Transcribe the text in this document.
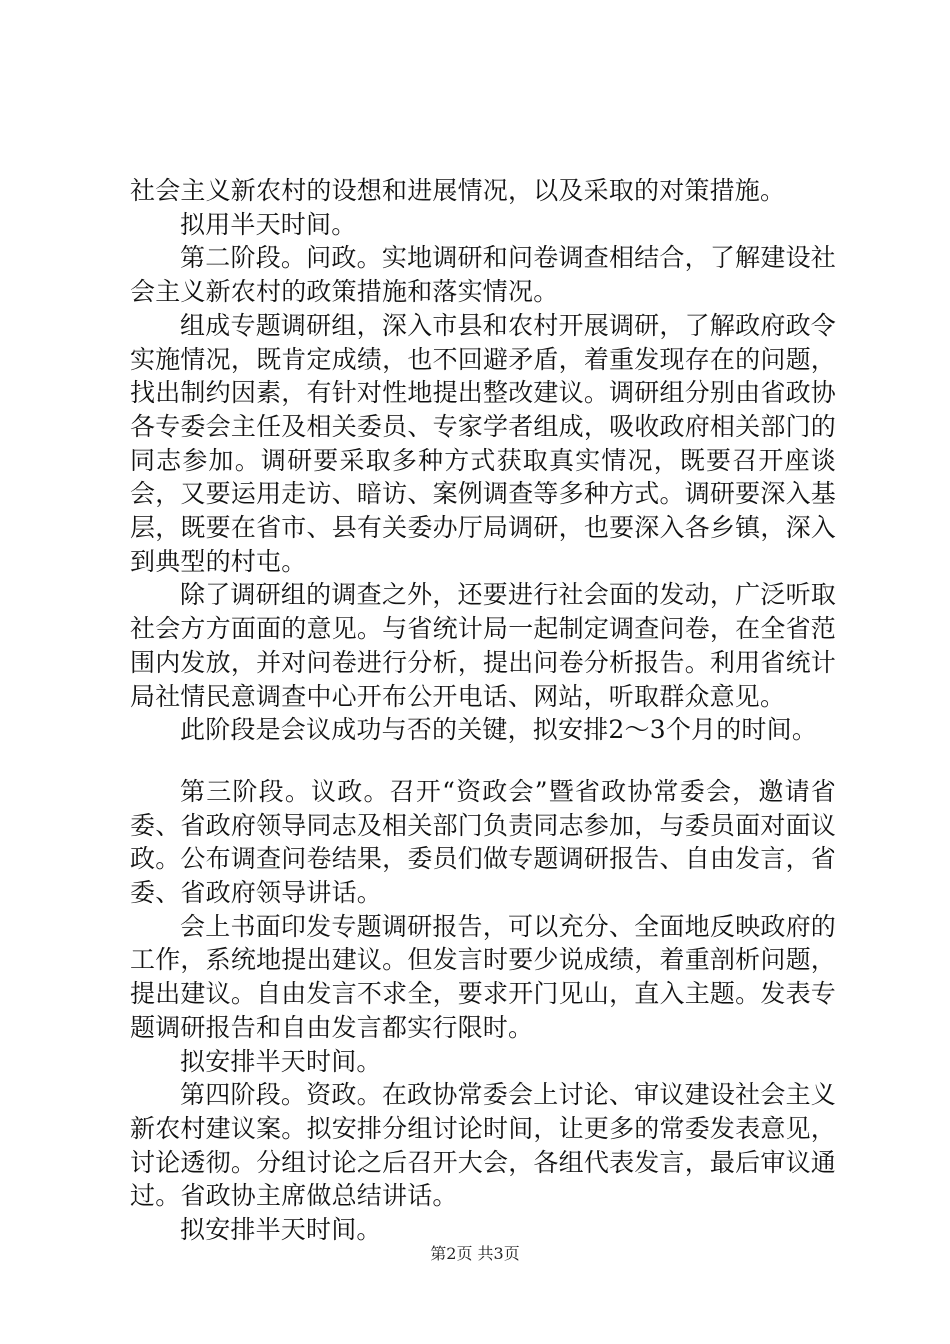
社会主义新农村的设想和进展情况，以及采取的对策措施。

拟用半天时间。

第二阶段。问政。实地调研和问卷调查相结合，了解建设社会主义新农村的政策措施和落实情况。

组成专题调研组，深入市县和农村开展调研，了解政府政令实施情况，既肯定成绩，也不回避矛盾，着重发现存在的问题，找出制约因素，有针对性地提出整改建议。调研组分别由省政协各专委会主任及相关委员、专家学者组成，吸收政府相关部门的同志参加。调研要采取多种方式获取真实情况，既要召开座谈会，又要运用走访、暗访、案例调查等多种方式。调研要深入基层，既要在省市、县有关委办厅局调研，也要深入各乡镇，深入到典型的村屯。

除了调研组的调查之外，还要进行社会面的发动，广泛听取社会方方面面的意见。与省统计局一起制定调查问卷，在全省范围内发放，并对问卷进行分析，提出问卷分析报告。利用省统计局社情民意调查中心开布公开电话、网站，听取群众意见。

此阶段是会议成功与否的关键，拟安排2～3个月的时间。

第三阶段。议政。召开“资政会”暨省政协常委会，邀请省委、省政府领导同志及相关部门负责同志参加，与委员面对面议政。公布调查问卷结果，委员们做专题调研报告、自由发言，省委、省政府领导讲话。

会上书面印发专题调研报告，可以充分、全面地反映政府的工作，系统地提出建议。但发言时要少说成绩，着重剖析问题，提出建议。自由发言不求全，要求开门见山，直入主题。发表专题调研报告和自由发言都实行限时。

拟安排半天时间。

第四阶段。资政。在政协常委会上讨论、审议建设社会主义新农村建议案。拟安排分组讨论时间，让更多的常委发表意见，讨论透彻。分组讨论之后召开大会，各组代表发言，最后审议通过。省政协主席做总结讲话。

拟安排半天时间。

第2页 共3页
